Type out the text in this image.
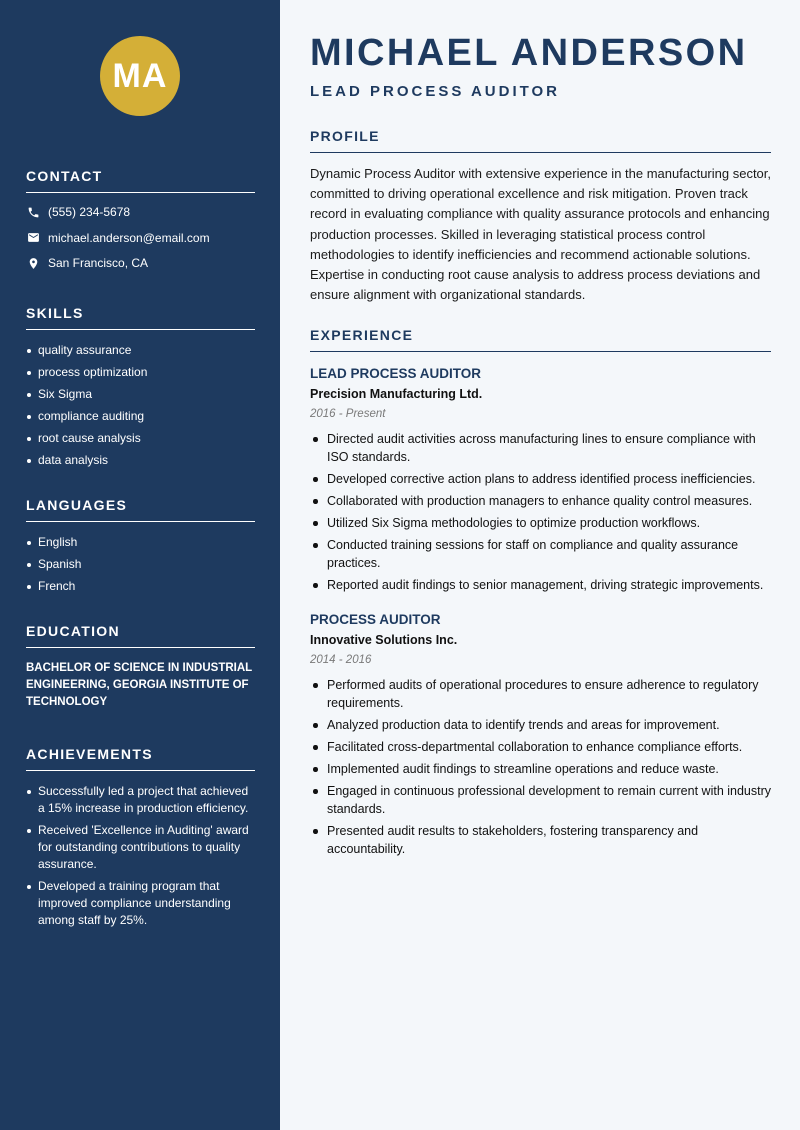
MA
CONTACT
(555) 234-5678
michael.anderson@email.com
San Francisco, CA
SKILLS
quality assurance
process optimization
Six Sigma
compliance auditing
root cause analysis
data analysis
LANGUAGES
English
Spanish
French
EDUCATION
BACHELOR OF SCIENCE IN INDUSTRIAL ENGINEERING, GEORGIA INSTITUTE OF TECHNOLOGY
ACHIEVEMENTS
Successfully led a project that achieved a 15% increase in production efficiency.
Received 'Excellence in Auditing' award for outstanding contributions to quality assurance.
Developed a training program that improved compliance understanding among staff by 25%.
MICHAEL ANDERSON
LEAD PROCESS AUDITOR
PROFILE

Dynamic Process Auditor with extensive experience in the manufacturing sector, committed to driving operational excellence and risk mitigation. Proven track record in evaluating compliance with quality assurance protocols and enhancing production processes. Skilled in leveraging statistical process control methodologies to identify inefficiencies and recommend actionable solutions. Expertise in conducting root cause analysis to address process deviations and ensure alignment with organizational standards.

EXPERIENCE
LEAD PROCESS AUDITOR
Precision Manufacturing Ltd.
2016 - Present
Directed audit activities across manufacturing lines to ensure compliance with ISO standards.
Developed corrective action plans to address identified process inefficiencies.
Collaborated with production managers to enhance quality control measures.
Utilized Six Sigma methodologies to optimize production workflows.
Conducted training sessions for staff on compliance and quality assurance practices.
Reported audit findings to senior management, driving strategic improvements.
PROCESS AUDITOR
Innovative Solutions Inc.
2014 - 2016
Performed audits of operational procedures to ensure adherence to regulatory requirements.
Analyzed production data to identify trends and areas for improvement.
Facilitated cross-departmental collaboration to enhance compliance efforts.
Implemented audit findings to streamline operations and reduce waste.
Engaged in continuous professional development to remain current with industry standards.
Presented audit results to stakeholders, fostering transparency and accountability.
